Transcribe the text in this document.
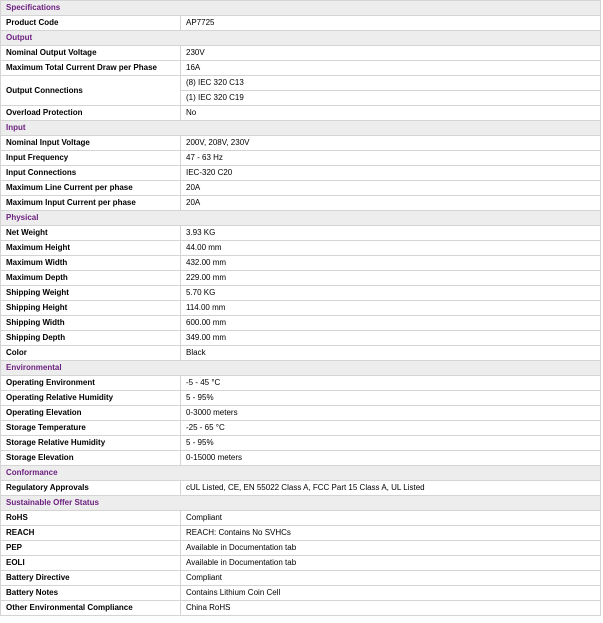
Specifications	
Product Code	AP7725
Output	
Nominal Output Voltage	230V
Maximum Total Current Draw per Phase	16A
Output Connections	(8) IEC 320 C13
	(1) IEC 320 C19
Overload Protection	No
Input	
Nominal Input Voltage	200V, 208V, 230V
Input Frequency	47 - 63 Hz
Input Connections	IEC-320 C20
Maximum Line Current per phase	20A
Maximum Input Current per phase	20A
Physical	
Net Weight	3.93 KG
Maximum Height	44.00 mm
Maximum Width	432.00 mm
Maximum Depth	229.00 mm
Shipping Weight	5.70 KG
Shipping Height	114.00 mm
Shipping Width	600.00 mm
Shipping Depth	349.00 mm
Color	Black
Environmental	
Operating Environment	-5 - 45 °C
Operating Relative Humidity	5 - 95%
Operating Elevation	0-3000 meters
Storage Temperature	-25 - 65 °C
Storage Relative Humidity	5 - 95%
Storage Elevation	0-15000 meters
Conformance	
Regulatory Approvals	cUL Listed, CE, EN 55022 Class A, FCC Part 15 Class A, UL Listed
Sustainable Offer Status	
RoHS	Compliant
REACH	REACH: Contains No SVHCs
PEP	Available in Documentation tab
EOLI	Available in Documentation tab
Battery Directive	Compliant
Battery Notes	Contains Lithium Coin Cell
Other Environmental Compliance	China RoHS
